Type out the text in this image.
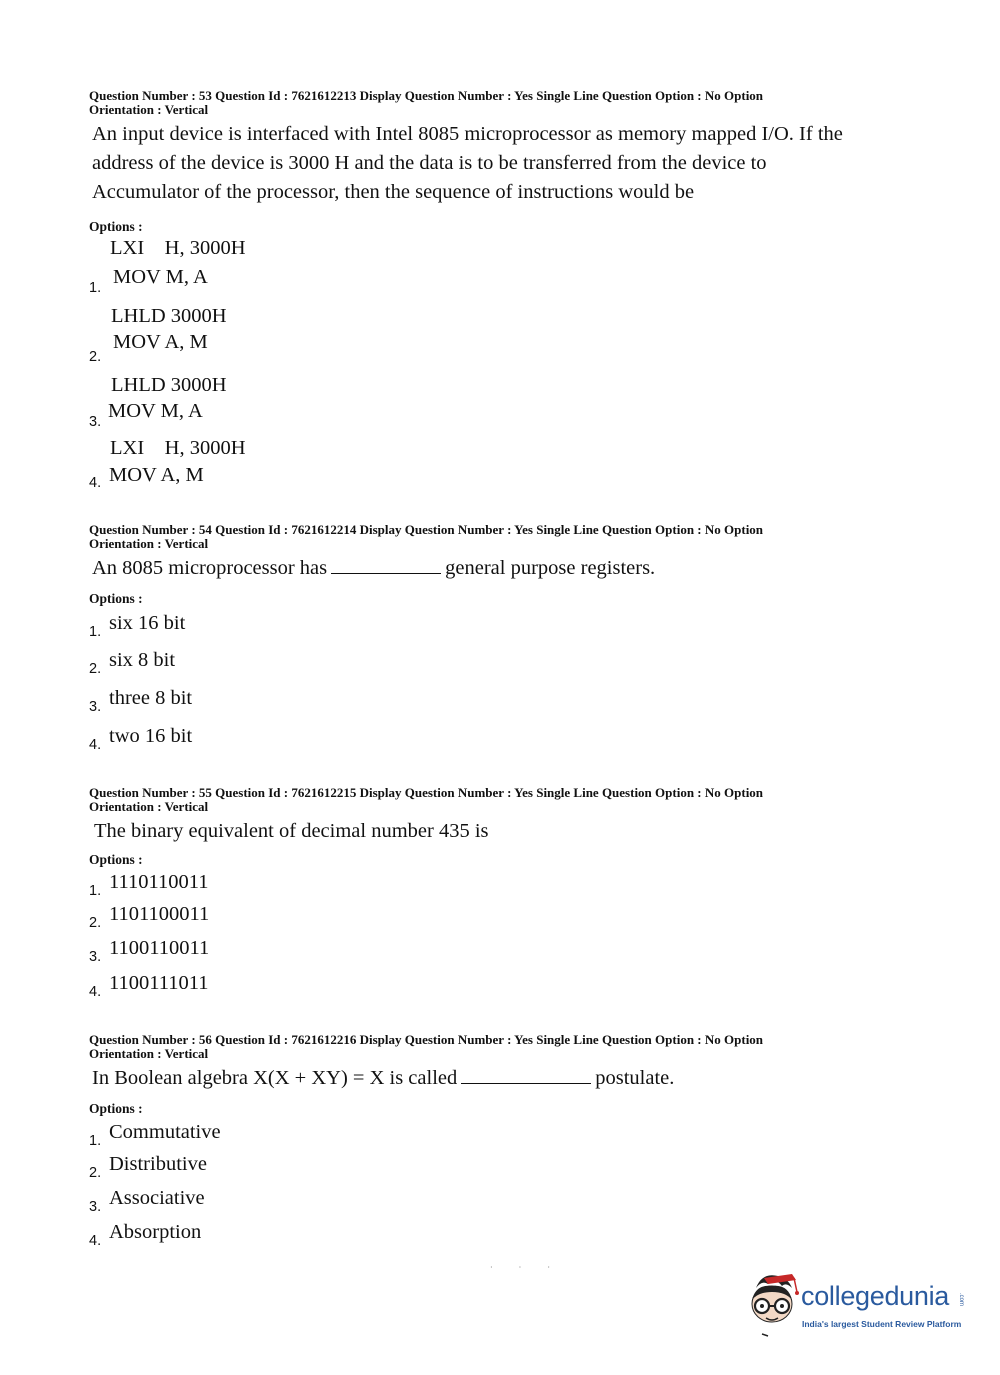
Question Number : 53 Question Id : 7621612213 Display Question Number : Yes Single Line Question Option : No Option
Orientation : Vertical

An input device is interfaced with Intel 8085 microprocessor as memory mapped I/O. If the

address of the device is 3000 H and the data is to be transferred from the device to

Accumulator of the processor, then the sequence of instructions would be

Options :
1.
LXI    H, 3000H
MOV M, A
2.
LHLD 3000H
MOV A, M
3.
LHLD 3000H
MOV M, A
4.
LXI    H, 3000H
MOV A, M
Question Number : 54 Question Id : 7621612214 Display Question Number : Yes Single Line Question Option : No Option
Orientation : Vertical

An 8085 microprocessor has	general purpose registers.

Options :
1. six 16 bit
2. six 8 bit
3. three 8 bit
4. two 16 bit
Question Number : 55 Question Id : 7621612215 Display Question Number : Yes Single Line Question Option : No Option
Orientation : Vertical

The binary equivalent of decimal number 435 is

Options :
1. 1110110011
2. 1101100011
3. 1100110011
4. 1100111011
Question Number : 56 Question Id : 7621612216 Display Question Number : Yes Single Line Question Option : No Option
Orientation : Vertical

In Boolean algebra X(X + XY) = X is called	postulate.

Options :
1. Commutative
2. Distributive
3. Associative
4. Absorption
· · ·
collegedunia .com
India's largest Student Review Platform
